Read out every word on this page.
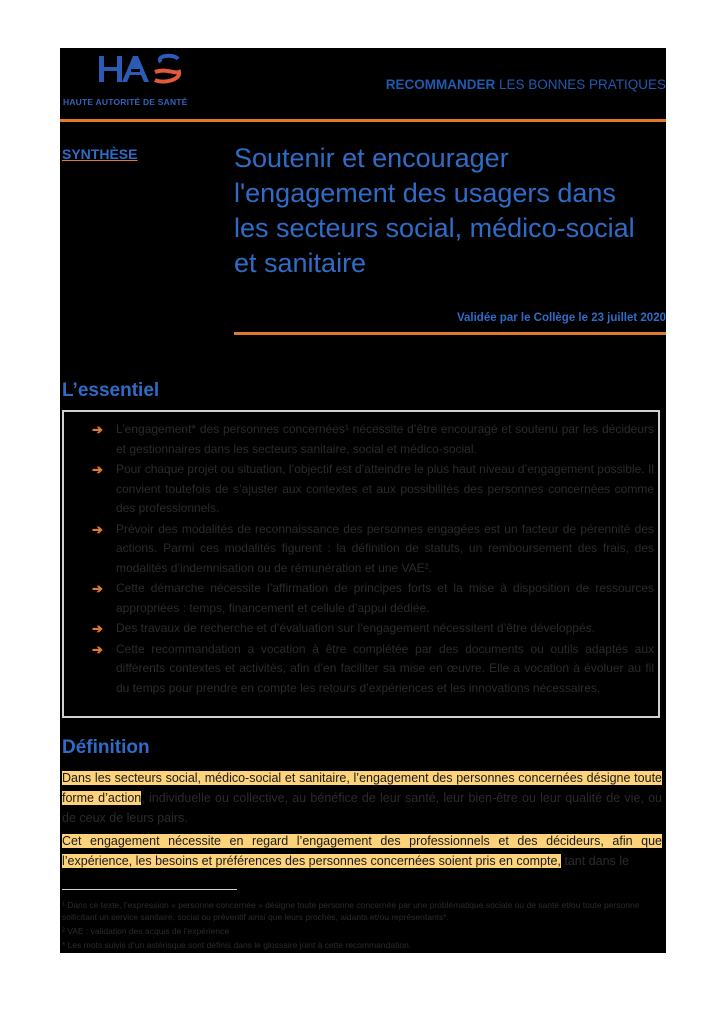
HAUTE AUTORITÉ DE SANTÉ
RECOMMANDER LES BONNES PRATIQUES
SYNTHÈSE	Soutenir et encourager l'engagement des usagers dans les secteurs social, médico-social et sanitaire
Validée par le Collège le 23 juillet 2020
L’essentiel
➔ L’engagement* des personnes concernées¹ nécessite d’être encouragé et soutenu par les décideurs et gestionnaires dans les secteurs sanitaire, social et médico-social.
➔ Pour chaque projet ou situation, l’objectif est d’atteindre le plus haut niveau d’engagement possible. Il convient toutefois de s’ajuster aux contextes et aux possibilités des personnes concernées comme des professionnels.
➔ Prévoir des modalités de reconnaissance des personnes engagées est un facteur de pérennité des actions. Parmi ces modalités figurent : la définition de statuts, un remboursement des frais, des modalités d’indemnisation ou de rémunération et une VAE².
➔ Cette démarche nécessite l’affirmation de principes forts et la mise à disposition de ressources appropriées : temps, financement et cellule d’appui dédiée.
➔ Des travaux de recherche et d’évaluation sur l’engagement nécessitent d’être développés.
➔ Cette recommandation a vocation à être complétée par des documents ou outils adaptés aux différents contextes et activités, afin d’en faciliter sa mise en œuvre. Elle a vocation à évoluer au fil du temps pour prendre en compte les retours d’expériences et les innovations nécessaires.
Définition
Dans les secteurs social, médico-social et sanitaire, l’engagement des personnes concernées désigne toute forme d’action, individuelle ou collective, au bénéfice de leur santé, leur bien-être ou leur qualité de vie, ou de ceux de leurs pairs.
Cet engagement nécessite en regard l’engagement des professionnels et des décideurs, afin que l’expérience, les besoins et préférences des personnes concernées soient pris en compte, tant dans le
¹ Dans ce texte, l’expression « personne concernée » désigne toute personne concernée par une problématique sociale ou de santé et/ou toute personne sollicitant un service sanitaire, social ou préventif ainsi que leurs proches, aidants et/ou représentants*.
² VAE : validation des acquis de l’expérience
* Les mots suivis d’un astérisque sont définis dans le glossaire joint à cette recommandation.
